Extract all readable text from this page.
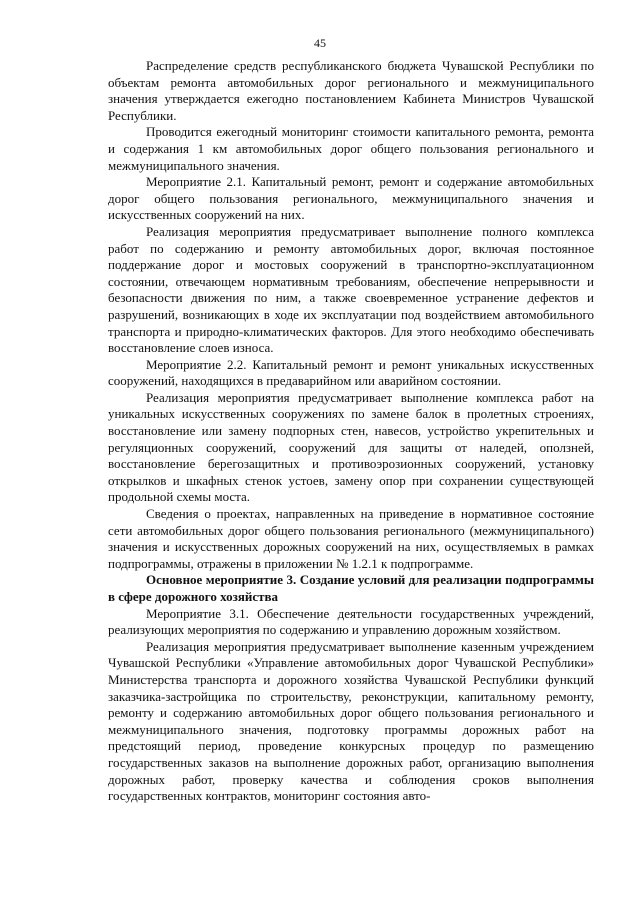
45

Распределение средств республиканского бюджета Чувашской Республики по объектам ремонта автомобильных дорог регионального и межмуниципального значения утверждается ежегодно постановлением Кабинета Министров Чувашской Республики.

Проводится ежегодный мониторинг стоимости капитального ремонта, ремонта и содержания 1 км автомобильных дорог общего пользования регионального и межмуниципального значения.

Мероприятие 2.1. Капитальный ремонт, ремонт и содержание автомобильных дорог общего пользования регионального, межмуниципального значения и искусственных сооружений на них.

Реализация мероприятия предусматривает выполнение полного комплекса работ по содержанию и ремонту автомобильных дорог, включая постоянное поддержание дорог и мостовых сооружений в транспортно-эксплуатационном состоянии, отвечающем нормативным требованиям, обеспечение непрерывности и безопасности движения по ним, а также своевременное устранение дефектов и разрушений, возникающих в ходе их эксплуатации под воздействием автомобильного транспорта и природно-климатических факторов. Для этого необходимо обеспечивать восстановление слоев износа.

Мероприятие 2.2. Капитальный ремонт и ремонт уникальных искусственных сооружений, находящихся в предаварийном или аварийном состоянии.

Реализация мероприятия предусматривает выполнение комплекса работ на уникальных искусственных сооружениях по замене балок в пролетных строениях, восстановление или замену подпорных стен, навесов, устройство укрепительных и регуляционных сооружений, сооружений для защиты от наледей, оползней, восстановление берегозащитных и противоэрозионных сооружений, установку открылков и шкафных стенок устоев, замену опор при сохранении существующей продольной схемы моста.

Сведения о проектах, направленных на приведение в нормативное состояние сети автомобильных дорог общего пользования регионального (межмуниципального) значения и искусственных дорожных сооружений на них, осуществляемых в рамках подпрограммы, отражены в приложении № 1.2.1 к подпрограмме.

Основное мероприятие 3. Создание условий для реализации подпрограммы в сфере дорожного хозяйства

Мероприятие 3.1. Обеспечение деятельности государственных учреждений, реализующих мероприятия по содержанию и управлению дорожным хозяйством.

Реализация мероприятия предусматривает выполнение казенным учреждением Чувашской Республики «Управление автомобильных дорог Чувашской Республики» Министерства транспорта и дорожного хозяйства Чувашской Республики функций заказчика-застройщика по строительству, реконструкции, капитальному ремонту, ремонту и содержанию автомобильных дорог общего пользования регионального и межмуниципального значения, подготовку программы дорожных работ на предстоящий период, проведение конкурсных процедур по размещению государственных заказов на выполнение дорожных работ, организацию выполнения дорожных работ, проверку качества и соблюдения сроков выполнения государственных контрактов, мониторинг состояния авто-
